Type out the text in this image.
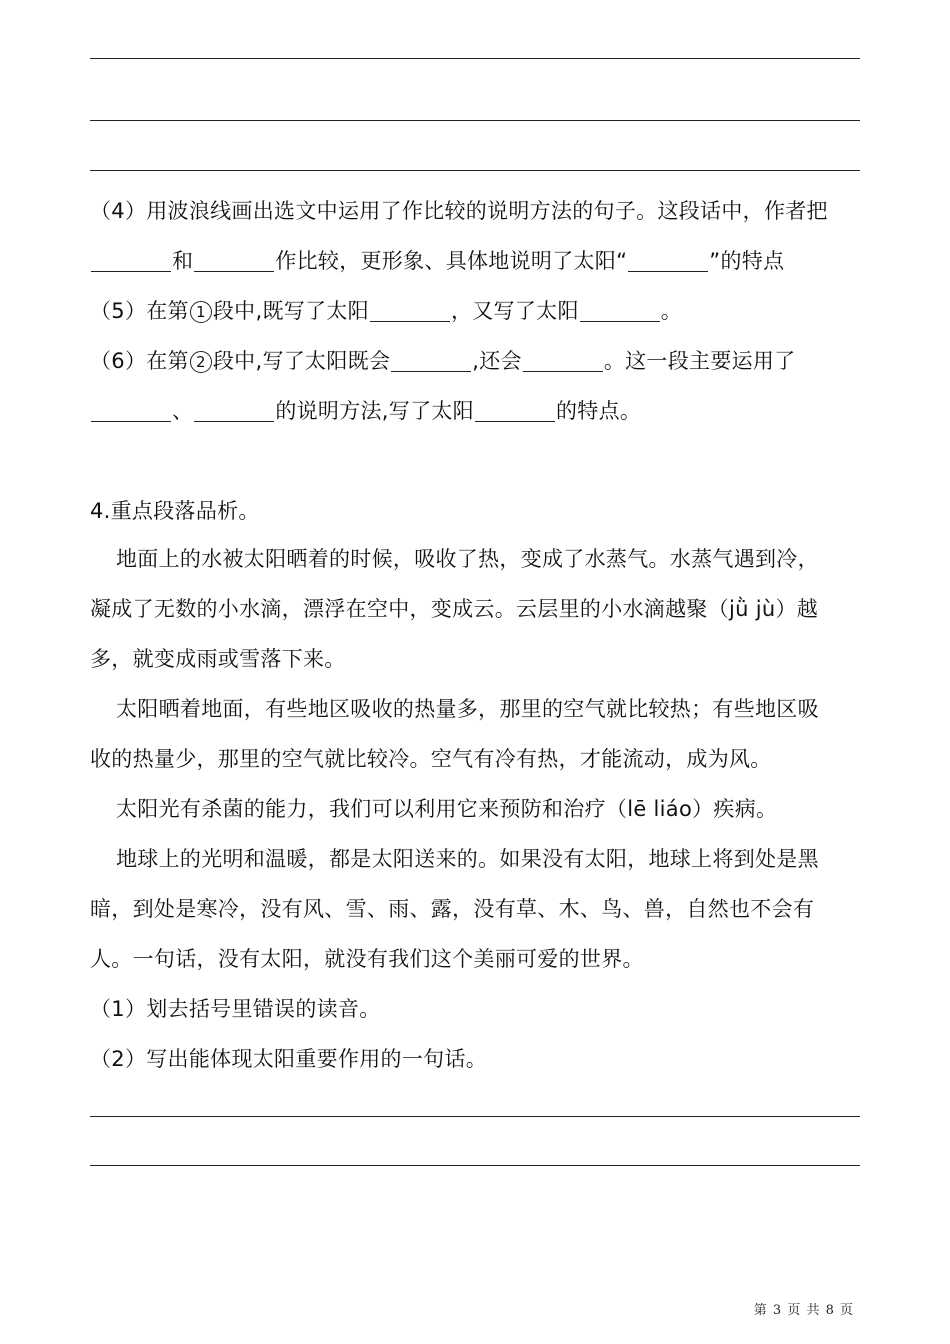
（4）用波浪线画出选文中运用了作比较的说明方法的句子。这段话中，作者把
和	作比较，更形象、具体地说明了太阳“	”的特点
（5）在第 1 段中,既写了太阳	，又写了太阳	。
（6）在第 2 段中,写了太阳既会	,还会	。这一段主要运用了
、	的说明方法,写了太阳	的特点。
4.重点段落品析。
地面上的水被太阳晒着的时候，吸收了热，变成了水蒸气。水蒸气遇到冷，
凝成了无数的小水滴，漂浮在空中，变成云。云层里的小水滴越聚（jǜ jù）越
多，就变成雨或雪落下来。
太阳晒着地面，有些地区吸收的热量多，那里的空气就比较热；有些地区吸
收的热量少，那里的空气就比较冷。空气有冷有热，才能流动，成为风。
太阳光有杀菌的能力，我们可以利用它来预防和治疗（lē liáo）疾病。
地球上的光明和温暖，都是太阳送来的。如果没有太阳，地球上将到处是黑
暗，到处是寒冷，没有风、雪、雨、露，没有草、木、鸟、兽，自然也不会有
人。一句话，没有太阳，就没有我们这个美丽可爱的世界。
（1）划去括号里错误的读音。
（2）写出能体现太阳重要作用的一句话。
第 3 页 共 8 页
